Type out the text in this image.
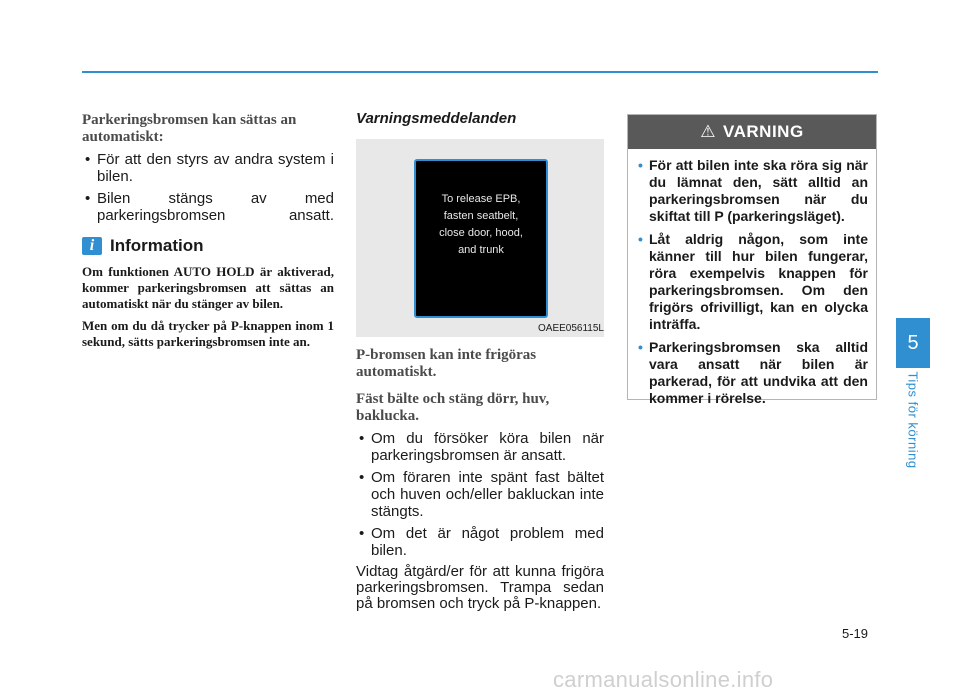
Parkeringsbromsen kan sättas an automatiskt:

• För att den styrs av andra system i bilen.
• Bilen stängs av med parkeringsbromsen ansatt.
i Information

Om funktionen AUTO HOLD är aktiverad, kommer parkeringsbromsen att sättas an automatiskt när du stänger av bilen.

Men om du då trycker på P-knappen inom 1 sekund, sätts parkeringsbromsen inte an.

Varningsmeddelanden

To release EPB,
fasten seatbelt,
close door, hood,
and trunk
OAEE056115L

P-bromsen kan inte frigöras automatiskt.

Fäst bälte och stäng dörr, huv, baklucka.

• Om du försöker köra bilen när parkeringsbromsen är ansatt.
• Om föraren inte spänt fast bältet och huven och/eller bakluckan inte stängts.
• Om det är något problem med bilen.

Vidtag åtgärd/er för att kunna frigöra parkeringsbromsen. Trampa sedan på bromsen och tryck på P-knappen.

⚠ VARNING
• För att bilen inte ska röra sig när du lämnat den, sätt alltid an parkeringsbromsen när du skiftat till P (parkeringsläget).
• Låt aldrig någon, som inte känner till hur bilen fungerar, röra exempelvis knappen för parkeringsbromsen. Om den frigörs ofrivilligt, kan en olycka inträffa.
• Parkeringsbromsen ska alltid vara ansatt när bilen är parkerad, för att undvika att den kommer i rörelse.
5
Tips för körning
5-19
carmanualsonline.info
